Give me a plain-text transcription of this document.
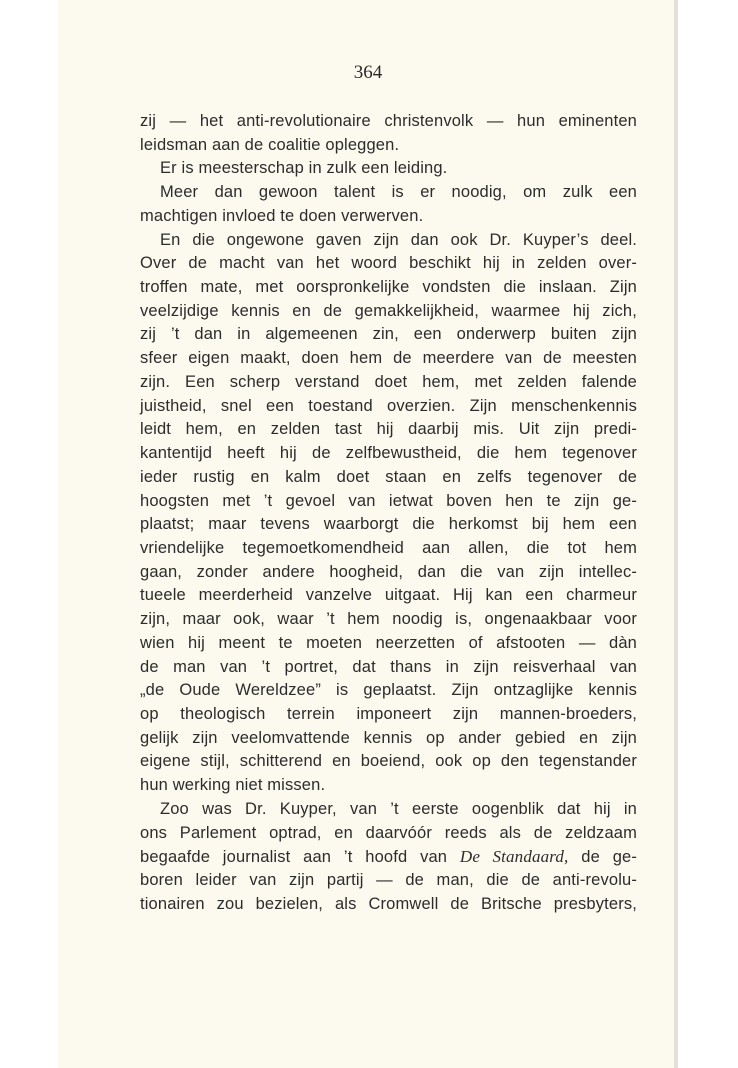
364
zij — het anti-revolutionaire christenvolk — hun eminenten
leidsman aan de coalitie opleggen.
Er is meesterschap in zulk een leiding.
Meer dan gewoon talent is er noodig, om zulk een
machtigen invloed te doen verwerven.
En die ongewone gaven zijn dan ook Dr. Kuyper’s deel.
Over de macht van het woord beschikt hij in zelden over-
troffen mate, met oorspronkelijke vondsten die inslaan. Zijn
veelzijdige kennis en de gemakkelijkheid, waarmee hij zich,
zij ’t dan in algemeenen zin, een onderwerp buiten zijn
sfeer eigen maakt, doen hem de meerdere van de meesten
zijn. Een scherp verstand doet hem, met zelden falende
juistheid, snel een toestand overzien. Zijn menschenkennis
leidt hem, en zelden tast hij daarbij mis. Uit zijn predi-
kantentijd heeft hij de zelfbewustheid, die hem tegenover
ieder rustig en kalm doet staan en zelfs tegenover de
hoogsten met ’t gevoel van ietwat boven hen te zijn ge-
plaatst; maar tevens waarborgt die herkomst bij hem een
vriendelijke tegemoetkomendheid aan allen, die tot hem
gaan, zonder andere hoogheid, dan die van zijn intellec-
tueele meerderheid vanzelve uitgaat. Hij kan een charmeur
zijn, maar ook, waar ’t hem noodig is, ongenaakbaar voor
wien hij meent te moeten neerzetten of afstooten — dàn
de man van ’t portret, dat thans in zijn reisverhaal van
„de Oude Wereldzee” is geplaatst. Zijn ontzaglijke kennis
op theologisch terrein imponeert zijn mannen-broeders,
gelijk zijn veelomvattende kennis op ander gebied en zijn
eigene stijl, schitterend en boeiend, ook op den tegenstander
hun werking niet missen.
Zoo was Dr. Kuyper, van ’t eerste oogenblik dat hij in
ons Parlement optrad, en daarvóór reeds als de zeldzaam
begaafde journalist aan ’t hoofd van De Standaard, de ge-
boren leider van zijn partij — de man, die de anti-revolu-
tionairen zou bezielen, als Cromwell de Britsche presbyters,
